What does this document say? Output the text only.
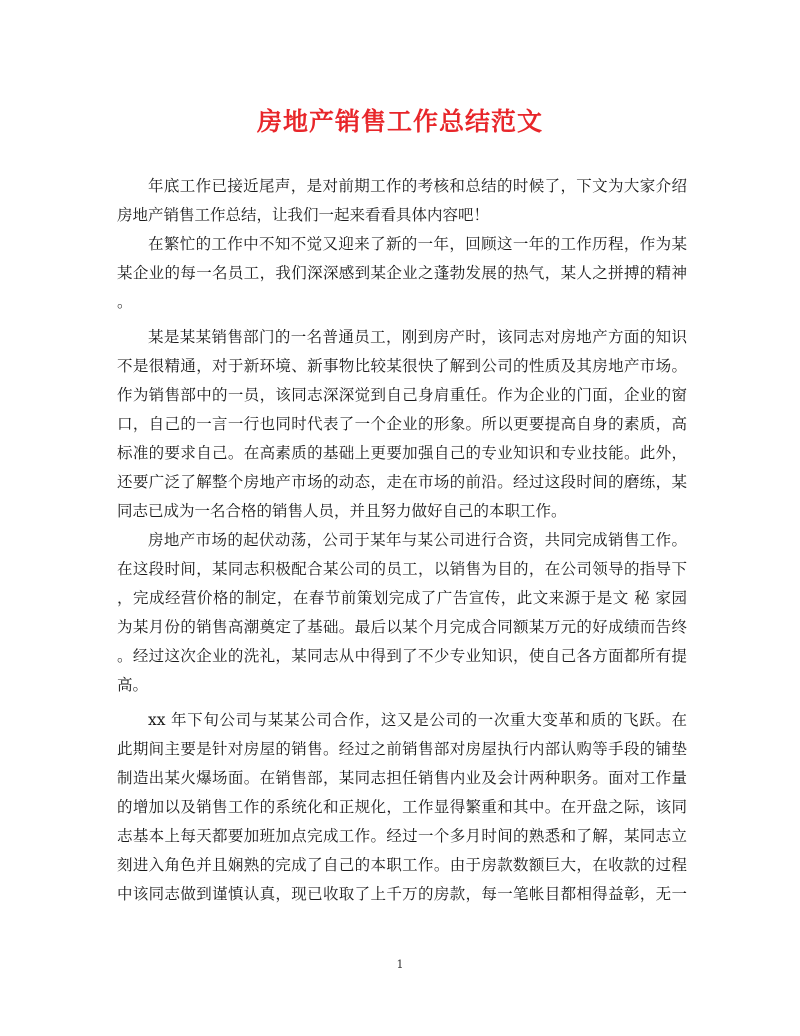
房地产销售工作总结范文
年底工作已接近尾声，是对前期工作的考核和总结的时候了，下文为大家介绍
房地产销售工作总结，让我们一起来看看具体内容吧！
在繁忙的工作中不知不觉又迎来了新的一年，回顾这一年的工作历程，作为某
某企业的每一名员工，我们深深感到某企业之蓬勃发展的热气，某人之拼搏的精神
。
某是某某销售部门的一名普通员工，刚到房产时，该同志对房地产方面的知识
不是很精通，对于新环境、新事物比较某很快了解到公司的性质及其房地产市场。
作为销售部中的一员，该同志深深觉到自己身肩重任。作为企业的门面，企业的窗
口，自己的一言一行也同时代表了一个企业的形象。所以更要提高自身的素质，高
标准的要求自己。在高素质的基础上更要加强自己的专业知识和专业技能。此外，
还要广泛了解整个房地产市场的动态，走在市场的前沿。经过这段时间的磨练，某
同志已成为一名合格的销售人员，并且努力做好自己的本职工作。
房地产市场的起伏动荡，公司于某年与某公司进行合资，共同完成销售工作。
在这段时间，某同志积极配合某公司的员工，以销售为目的，在公司领导的指导下
，完成经营价格的制定，在春节前策划完成了广告宣传，此文来源于是文 秘 家园
为某月份的销售高潮奠定了基础。最后以某个月完成合同额某万元的好成绩而告终
。经过这次企业的洗礼，某同志从中得到了不少专业知识，使自己各方面都所有提
高。
xx 年下旬公司与某某公司合作，这又是公司的一次重大变革和质的飞跃。在
此期间主要是针对房屋的销售。经过之前销售部对房屋执行内部认购等手段的铺垫
制造出某火爆场面。在销售部，某同志担任销售内业及会计两种职务。面对工作量
的增加以及销售工作的系统化和正规化，工作显得繁重和其中。在开盘之际，该同
志基本上每天都要加班加点完成工作。经过一个多月时间的熟悉和了解，某同志立
刻进入角色并且娴熟的完成了自己的本职工作。由于房款数额巨大，在收款的过程
中该同志做到谨慎认真，现已收取了上千万的房款，每一笔帐目都相得益彰，无一
1
